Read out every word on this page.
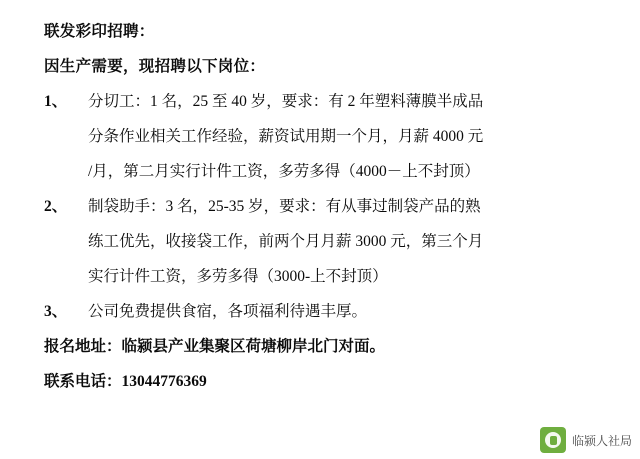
联发彩印招聘：
因生产需要，现招聘以下岗位：
1、	分切工：1 名，25 至 40 岁，要求：有 2 年塑料薄膜半成品
分条作业相关工作经验，薪资试用期一个月，月薪 4000 元
/月，第二月实行计件工资，多劳多得（4000－上不封顶）
2、	制袋助手：3 名，25-35 岁，要求：有从事过制袋产品的熟
练工优先，收接袋工作，前两个月月薪 3000 元，第三个月
实行计件工资，多劳多得（3000-上不封顶）
3、	公司免费提供食宿，各项福利待遇丰厚。
报名地址：临颍县产业集聚区荷塘柳岸北门对面。
联系电话：13044776369
临颍人社局
